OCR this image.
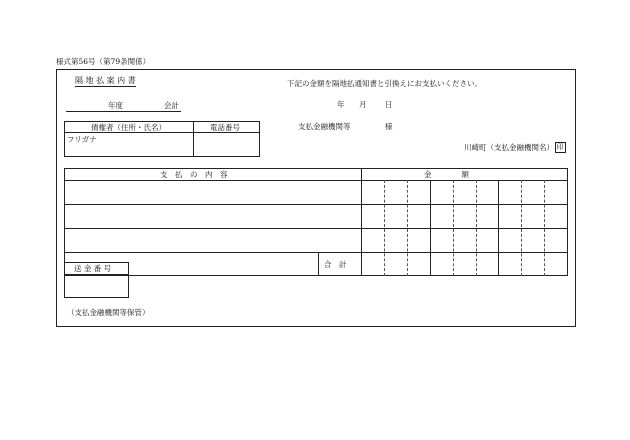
様式第56号（第79条関係）
隔 地 払 案 内 書	下記の金額を隔地払通知書と引換えにお支払いください。
年度	会計	年 月 日
支払金融機関等	様
債権者（住所・氏名）	電話番号
フリガナ
川崎町（支払金融機関名） 印
支　払　の　内　容	金　　　　額
合　計
送 金 番 号
（支払金融機関等保管）
